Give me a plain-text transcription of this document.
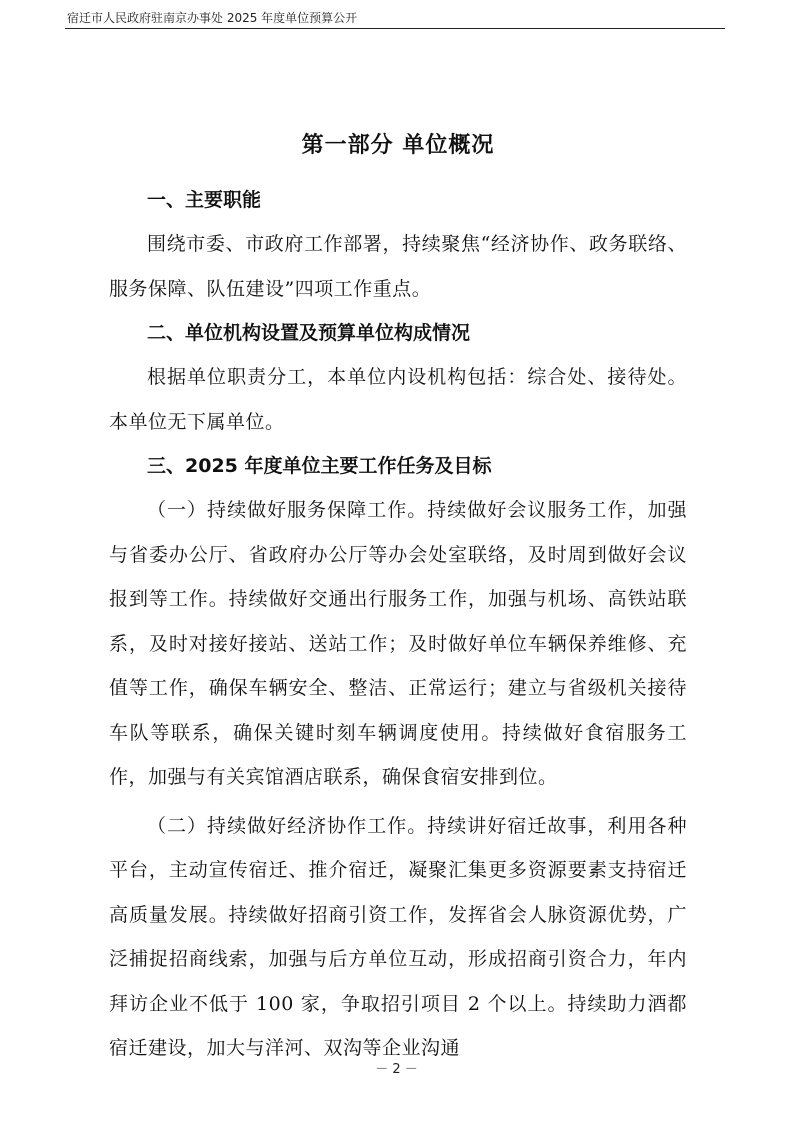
宿迁市人民政府驻南京办事处 2025 年度单位预算公开
第一部分 单位概况
一、主要职能

围绕市委、市政府工作部署，持续聚焦“经济协作、政务联络、服务保障、队伍建设”四项工作重点。

二、单位机构设置及预算单位构成情况

根据单位职责分工，本单位内设机构包括：综合处、接待处。本单位无下属单位。

三、2025 年度单位主要工作任务及目标

（一）持续做好服务保障工作。持续做好会议服务工作，加强与省委办公厅、省政府办公厅等办会处室联络，及时周到做好会议报到等工作。持续做好交通出行服务工作，加强与机场、高铁站联系，及时对接好接站、送站工作；及时做好单位车辆保养维修、充值等工作，确保车辆安全、整洁、正常运行；建立与省级机关接待车队等联系，确保关键时刻车辆调度使用。持续做好食宿服务工作，加强与有关宾馆酒店联系，确保食宿安排到位。

（二）持续做好经济协作工作。持续讲好宿迁故事，利用各种平台，主动宣传宿迁、推介宿迁，凝聚汇集更多资源要素支持宿迁高质量发展。持续做好招商引资工作，发挥省会人脉资源优势，广泛捕捉招商线索，加强与后方单位互动，形成招商引资合力，年内拜访企业不低于 100 家，争取招引项目 2 个以上。持续助力酒都宿迁建设，加大与洋河、双沟等企业沟通

－ 2 －
